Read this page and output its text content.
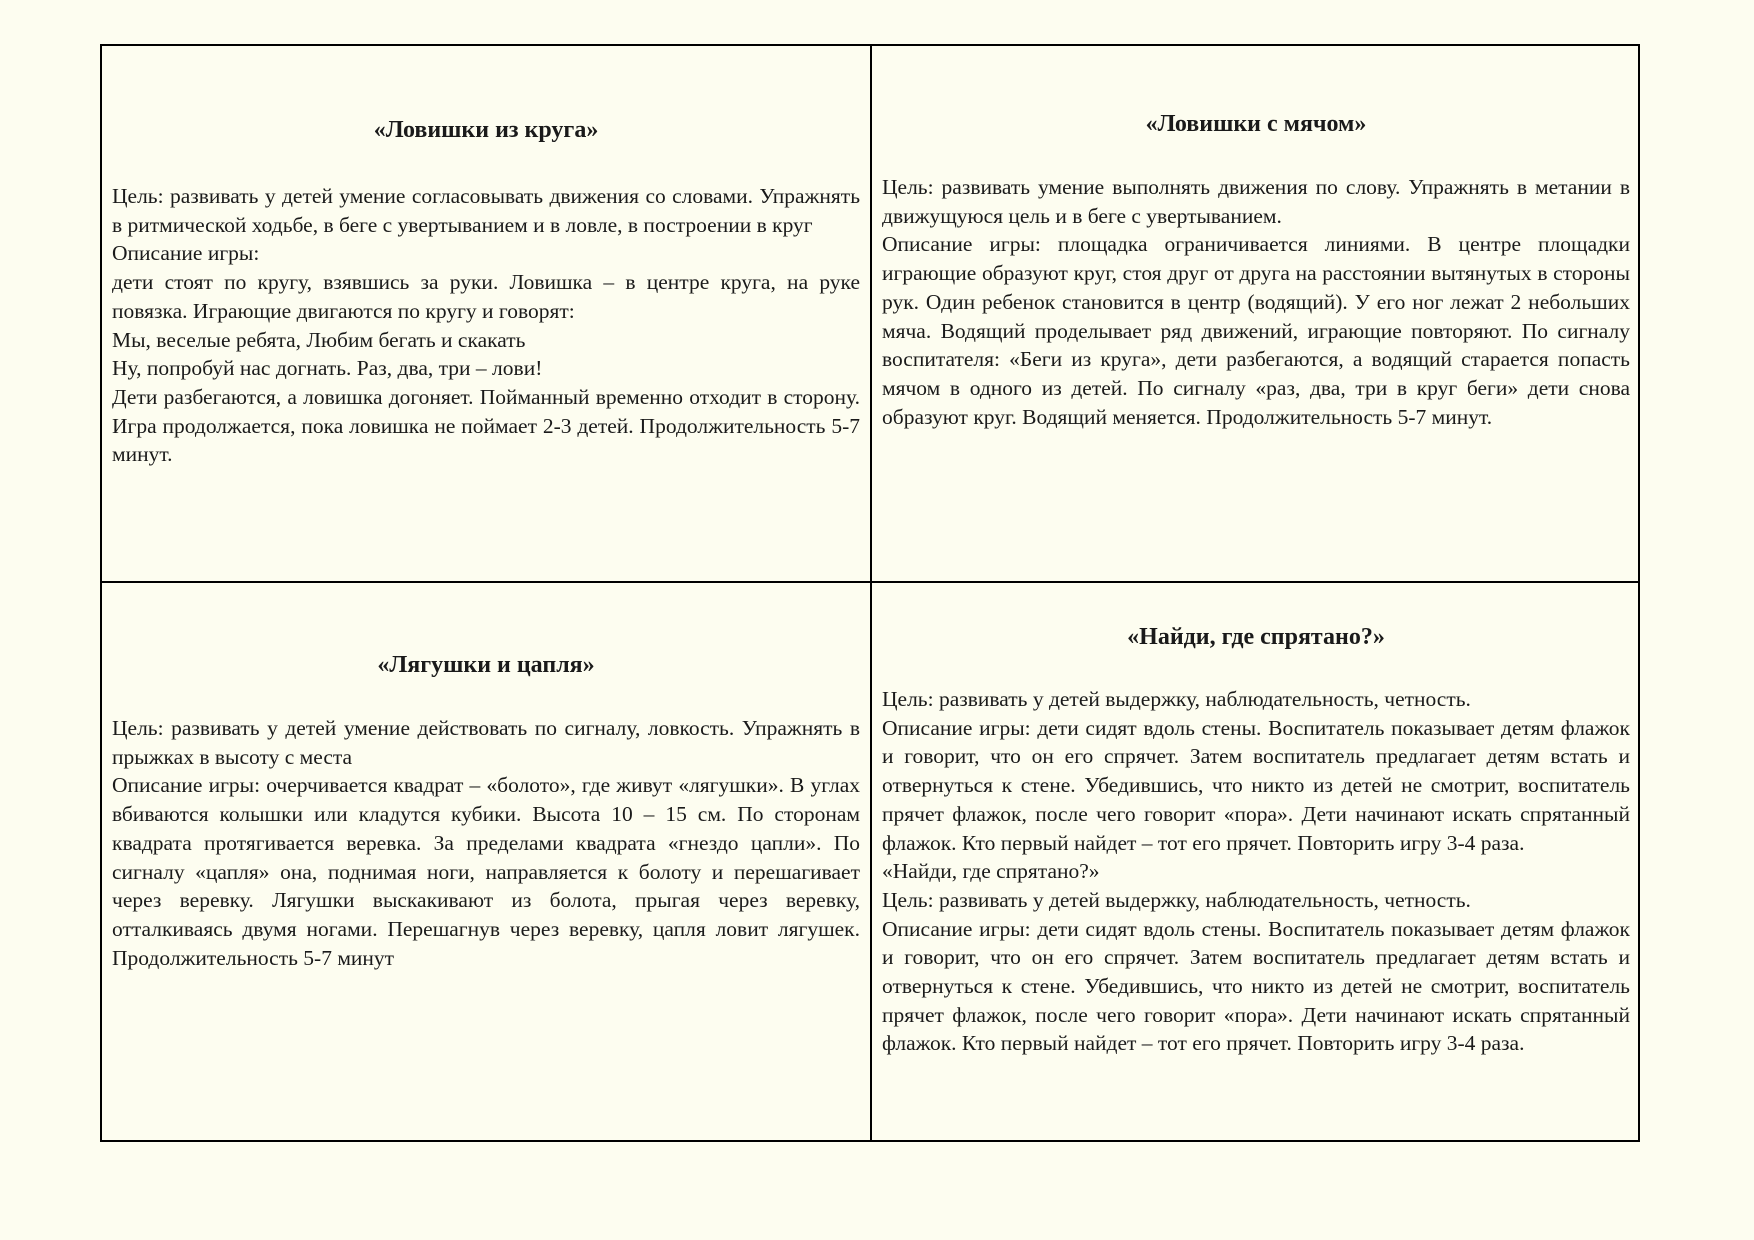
«Ловишки из круга»

Цель: развивать у детей умение согласовывать движения со словами. Упражнять в ритмической ходьбе, в беге с увертыванием и в ловле, в построении в круг
Описание игры:
дети стоят по кругу, взявшись за руки. Ловишка – в центре круга, на руке повязка. Играющие двигаются по кругу и говорят:
Мы, веселые ребята, Любим бегать и скакать
Ну, попробуй нас догнать. Раз, два, три – лови!
Дети разбегаются, а ловишка догоняет. Пойманный временно отходит в сторону. Игра продолжается, пока ловишка не поймает 2-3 детей. Продолжительность 5-7 минут.

«Ловишки с мячом»

Цель: развивать умение выполнять движения по слову. Упражнять в метании в движущуюся цель и в беге с увертыванием.
Описание игры: площадка ограничивается линиями. В центре площадки играющие образуют круг, стоя друг от друга на расстоянии вытянутых в стороны рук. Один ребенок становится в центр (водящий). У его ног лежат 2 небольших мяча. Водящий проделывает ряд движений, играющие повторяют. По сигналу воспитателя: «Беги из круга», дети разбегаются, а водящий старается попасть мячом в одного из детей. По сигналу «раз, два, три в круг беги» дети снова образуют круг. Водящий меняется. Продолжительность 5-7 минут.

«Лягушки и цапля»

Цель: развивать у детей умение действовать по сигналу, ловкость. Упражнять в прыжках в высоту с места
Описание игры: очерчивается квадрат – «болото», где живут «лягушки». В углах вбиваются колышки или кладутся кубики. Высота 10 – 15 см. По сторонам квадрата протягивается веревка. За пределами квадрата «гнездо цапли». По сигналу «цапля» она, поднимая ноги, направляется к болоту и перешагивает через веревку. Лягушки выскакивают из болота, прыгая через веревку, отталкиваясь двумя ногами. Перешагнув через веревку, цапля ловит лягушек. Продолжительность 5-7 минут

«Найди, где спрятано?»

Цель: развивать у детей выдержку, наблюдательность, четность.
Описание игры: дети сидят вдоль стены. Воспитатель показывает детям флажок и говорит, что он его спрячет. Затем воспитатель предлагает детям встать и отвернуться к стене. Убедившись, что никто из детей не смотрит, воспитатель прячет флажок, после чего говорит «пора». Дети начинают искать спрятанный флажок. Кто первый найдет – тот его прячет. Повторить игру 3-4 раза.
«Найди, где спрятано?»
Цель: развивать у детей выдержку, наблюдательность, четность.
Описание игры: дети сидят вдоль стены. Воспитатель показывает детям флажок и говорит, что он его спрячет. Затем воспитатель предлагает детям встать и отвернуться к стене. Убедившись, что никто из детей не смотрит, воспитатель прячет флажок, после чего говорит «пора». Дети начинают искать спрятанный флажок. Кто первый найдет – тот его прячет. Повторить игру 3-4 раза.
